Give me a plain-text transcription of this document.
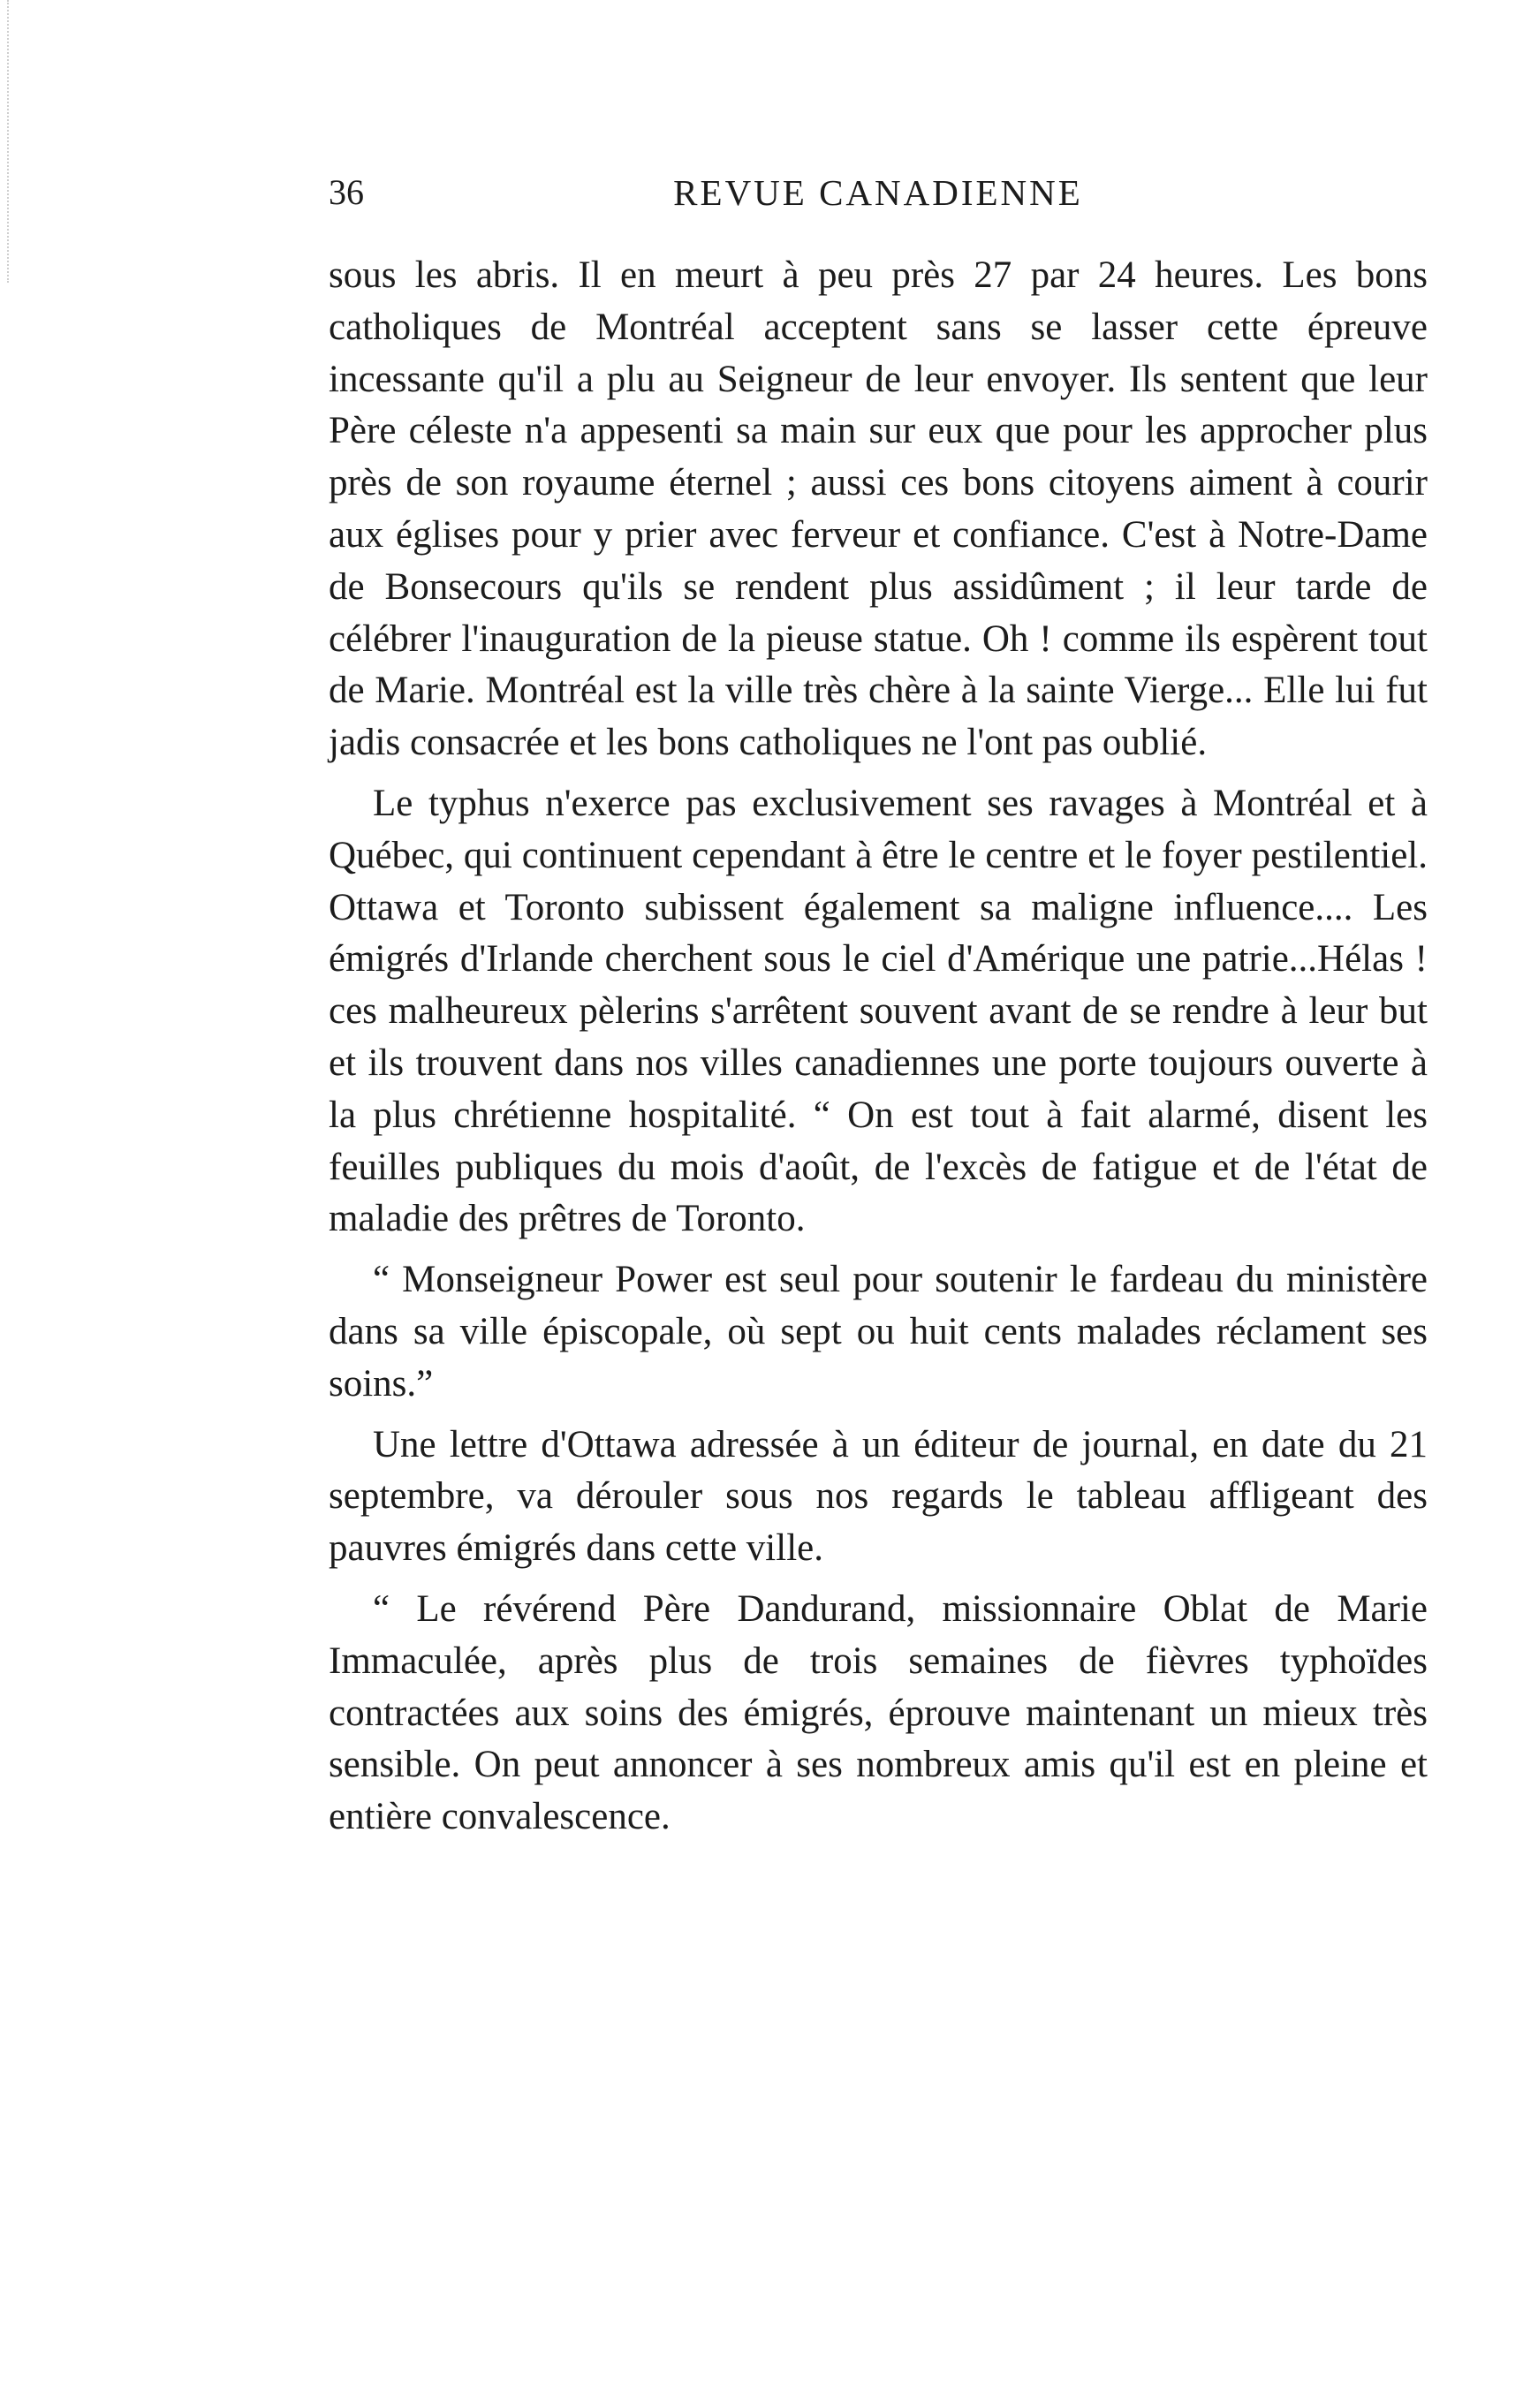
36	REVUE CANADIENNE

sous les abris. Il en meurt à peu près 27 par 24 heures. Les bons catholiques de Montréal acceptent sans se lasser cette épreuve incessante qu'il a plu au Seigneur de leur envoyer. Ils sentent que leur Père céleste n'a appesenti sa main sur eux que pour les approcher plus près de son royaume éternel ; aussi ces bons citoyens aiment à courir aux églises pour y prier avec ferveur et confiance. C'est à Notre-Dame de Bonsecours qu'ils se rendent plus assidûment ; il leur tarde de célébrer l'inauguration de la pieuse statue. Oh ! comme ils espèrent tout de Marie. Montréal est la ville très chère à la sainte Vierge... Elle lui fut jadis consacrée et les bons catholiques ne l'ont pas oublié.

Le typhus n'exerce pas exclusivement ses ravages à Montréal et à Québec, qui continuent cependant à être le centre et le foyer pestilentiel. Ottawa et Toronto subissent également sa maligne influence.... Les émigrés d'Irlande cherchent sous le ciel d'Amérique une patrie...Hélas ! ces malheureux pèlerins s'arrêtent souvent avant de se rendre à leur but et ils trouvent dans nos villes canadiennes une porte toujours ouverte à la plus chrétienne hospitalité. “ On est tout à fait alarmé, disent les feuilles publiques du mois d'août, de l'excès de fatigue et de l'état de maladie des prêtres de Toronto.

“ Monseigneur Power est seul pour soutenir le fardeau du ministère dans sa ville épiscopale, où sept ou huit cents malades réclament ses soins.”

Une lettre d'Ottawa adressée à un éditeur de journal, en date du 21 septembre, va dérouler sous nos regards le tableau affligeant des pauvres émigrés dans cette ville.

“ Le révérend Père Dandurand, missionnaire Oblat de Marie Immaculée, après plus de trois semaines de fièvres typhoïdes contractées aux soins des émigrés, éprouve maintenant un mieux très sensible. On peut annoncer à ses nombreux amis qu'il est en pleine et entière convalescence.
